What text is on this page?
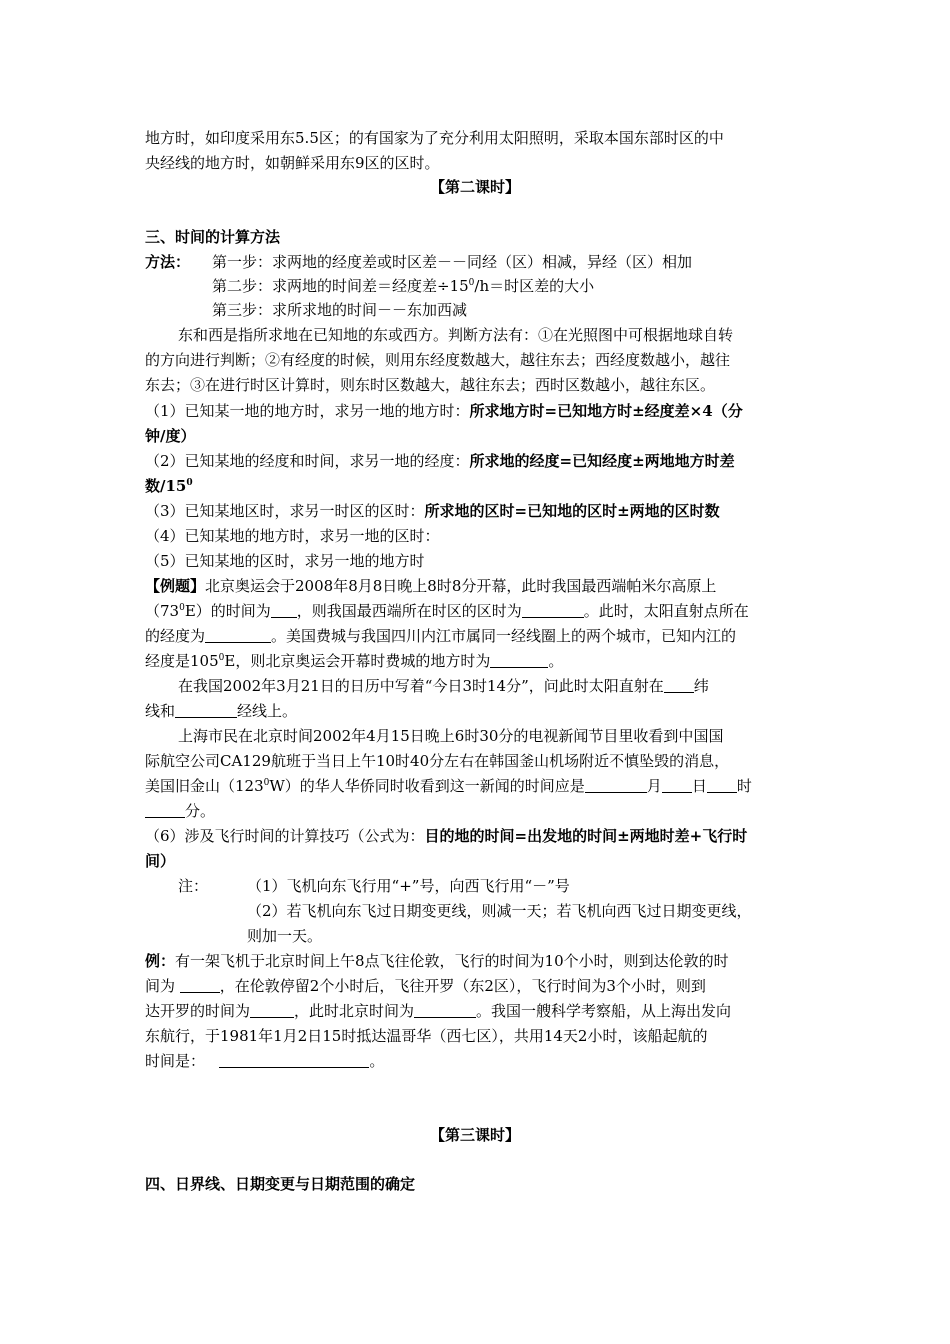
地方时，如印度采用东5.5区；的有国家为了充分利用太阳照明，采取本国东部时区的中
央经线的地方时，如朝鲜采用东9区的区时。
【第二课时】
三、时间的计算方法
方法：	第一步：求两地的经度差或时区差－－同经（区）相减，异经（区）相加
第二步：求两地的时间差＝经度差$\div 15^0/h=$时区差的大小
第三步：求所求地的时间－－东加西减
东和西是指所求地在已知地的东或西方。判断方法有：①在光照图中可根据地球自转
的方向进行判断；②有经度的时候，则用东经度数越大，越往东去；西经度数越小，越往
东去；③在进行时区计算时，则东时区数越大，越往东去；西时区数越小，越往东区。
（1）已知某一地的地方时，求另一地的地方时：所求地方时=已知地方时±经度差×4（分
钟/度）
（2）已知某地的经度和时间，求另一地的经度：所求地的经度=已知经度±两地地方时差
数$/15^0$
（3）已知某地区时，求另一时区的区时：所求地的区时=已知地的区时±两地的区时数
（4）已知某地的地方时，求另一地的区时：
（5）已知某地的区时，求另一地的地方时
【例题】北京奥运会于2008年8月8日晚上8时8分开幕，此时我国最西端帕米尔高原上
$(73^0E)$的时间为 ，则我国最西端所在时区的区时为	。此时，太阳直射点所在
的经度为	。美国费城与我国四川内江市属同一经线圈上的两个城市，已知内江的
经度是$105^0E$，则北京奥运会开幕时费城的地方时为	。
在我国2002年3月21日的日历中写着“今日3时14分”，问此时太阳直射在 纬
线和	经线上。
上海市民在北京时间2002年4月15日晚上6时30分的电视新闻节目里收看到中国国
际航空公司CA129航班于当日上午10时40分左右在韩国釜山机场附近不慎坠毁的消息，
美国旧金山$(123^0W)$的华人华侨同时收看到这一新闻的时间应是	月 日 时
分。
（6）涉及飞行时间的计算技巧（公式为：目的地的时间=出发地的时间±两地时差+飞行时
间）
注：	（1）飞机向东飞行用“+”号，向西飞行用“－”号
（2）若飞机向东飞过日期变更线，则减一天；若飞机向西飞过日期变更线，
则加一天。
例：有一架飞机于北京时间上午8点飞往伦敦，飞行的时间为10个小时，则到达伦敦的时
间为	，在伦敦停留2个小时后，飞往开罗（东2区），飞行时间为3个小时，则到
达开罗的时间为	，此时北京时间为	。我国一艘科学考察船，从上海出发向
东航行，于1981年1月2日15时抵达温哥华（西七区），共用14天2小时，该船起航的
时间是：	。
【第三课时】
四、日界线、日期变更与日期范围的确定
